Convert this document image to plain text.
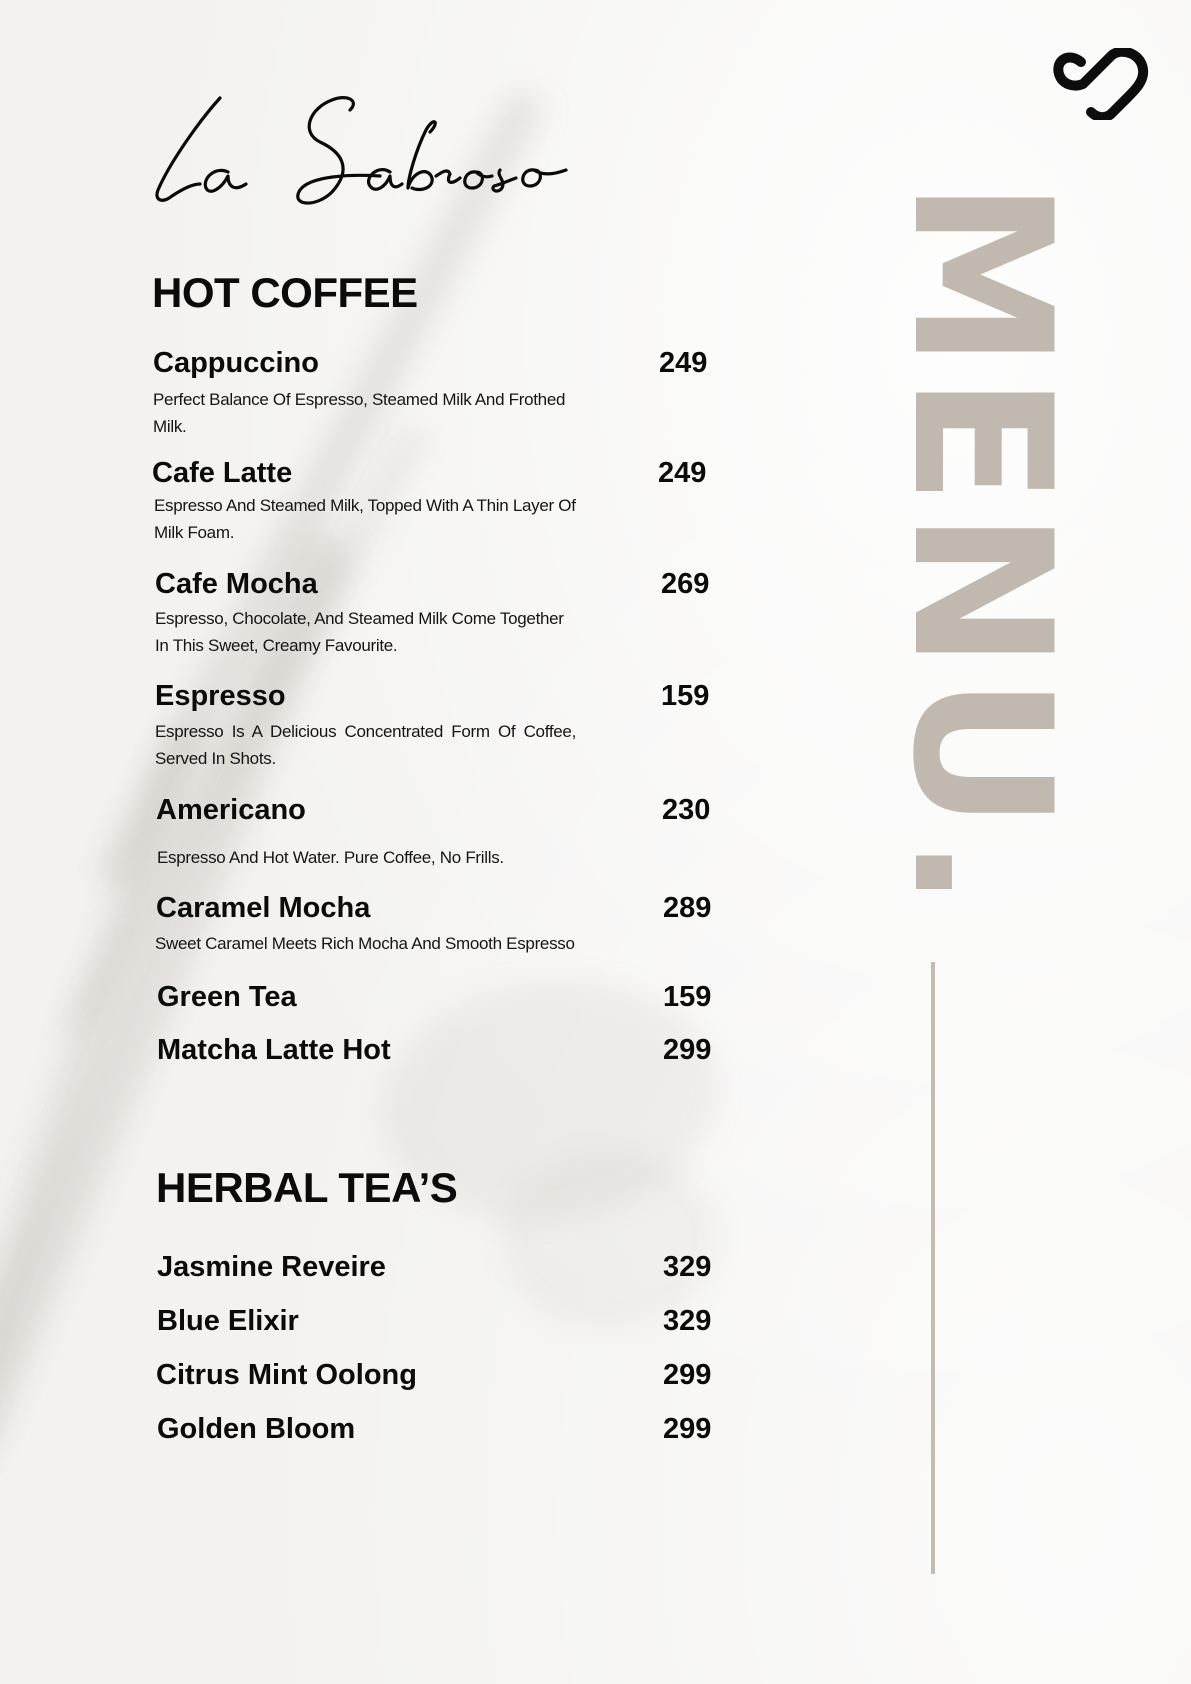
HOT COFFEE
Cappuccino	249
Perfect Balance Of Espresso, Steamed Milk And Frothed Milk.
Cafe Latte	249
Espresso And Steamed Milk, Topped With A Thin Layer Of Milk Foam.
Cafe Mocha	269
Espresso, Chocolate, And Steamed Milk Come Together In This Sweet, Creamy Favourite.
Espresso	159
Espresso Is A Delicious Concentrated Form Of Coffee, Served In Shots.
Americano	230
Espresso And Hot Water. Pure Coffee, No Frills.
Caramel Mocha	289
Sweet Caramel Meets Rich Mocha And Smooth Espresso
Green Tea	159
Matcha Latte Hot	299
HERBAL TEA’S
Jasmine Reveire	329
Blue Elixir	329
Citrus Mint Oolong	299
Golden Bloom	299
MENU.
